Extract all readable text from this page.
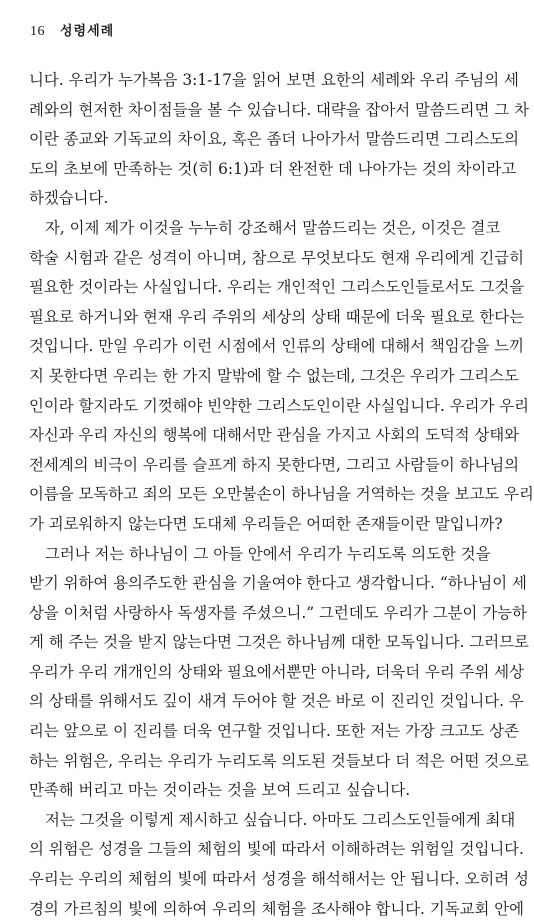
16 성령세례
니다. 우리가 누가복음 3:1-17을 읽어 보면 요한의 세례와 우리 주님의 세
례와의 현저한 차이점들을 볼 수 있습니다. 대략을 잡아서 말씀드리면 그 차
이란 종교와 기독교의 차이요, 혹은 좀더 나아가서 말씀드리면 그리스도의
도의 초보에 만족하는 것(히 6:1)과 더 완전한 데 나아가는 것의 차이라고
하겠습니다.
자, 이제 제가 이것을 누누히 강조해서 말씀드리는 것은, 이것은 결코
학술 시험과 같은 성격이 아니며, 참으로 무엇보다도 현재 우리에게 긴급히
필요한 것이라는 사실입니다. 우리는 개인적인 그리스도인들로서도 그것을
필요로 하거니와 현재 우리 주위의 세상의 상태 때문에 더욱 필요로 한다는
것입니다. 만일 우리가 이런 시점에서 인류의 상태에 대해서 책임감을 느끼
지 못한다면 우리는 한 가지 말밖에 할 수 없는데, 그것은 우리가 그리스도
인이라 할지라도 기껏해야 빈약한 그리스도인이란 사실입니다. 우리가 우리
자신과 우리 자신의 행복에 대해서만 관심을 가지고 사회의 도덕적 상태와
전세계의 비극이 우리를 슬프게 하지 못한다면, 그리고 사람들이 하나님의
이름을 모독하고 죄의 모든 오만불손이 하나님을 거역하는 것을 보고도 우리
가 괴로워하지 않는다면 도대체 우리들은 어떠한 존재들이란 말입니까?
그러나 저는 하나님이 그 아들 안에서 우리가 누리도록 의도한 것을
받기 위하여 용의주도한 관심을 기울여야 한다고 생각합니다. “하나님이 세
상을 이처럼 사랑하사 독생자를 주셨으니.” 그런데도 우리가 그분이 가능하
게 해 주는 것을 받지 않는다면 그것은 하나님께 대한 모독입니다. 그러므로
우리가 우리 개개인의 상태와 필요에서뿐만 아니라, 더욱더 우리 주위 세상
의 상태를 위해서도 깊이 새겨 두어야 할 것은 바로 이 진리인 것입니다. 우
리는 앞으로 이 진리를 더욱 연구할 것입니다. 또한 저는 가장 크고도 상존
하는 위험은, 우리는 우리가 누리도록 의도된 것들보다 더 적은 어떤 것으로
만족해 버리고 마는 것이라는 것을 보여 드리고 싶습니다.
저는 그것을 이렇게 제시하고 싶습니다. 아마도 그리스도인들에게 최대
의 위험은 성경을 그들의 체험의 빛에 따라서 이해하려는 위험일 것입니다.
우리는 우리의 체험의 빛에 따라서 성경을 해석해서는 안 됩니다. 오히려 성
경의 가르침의 빛에 의하여 우리의 체험을 조사해야 합니다. 기독교회 안에
